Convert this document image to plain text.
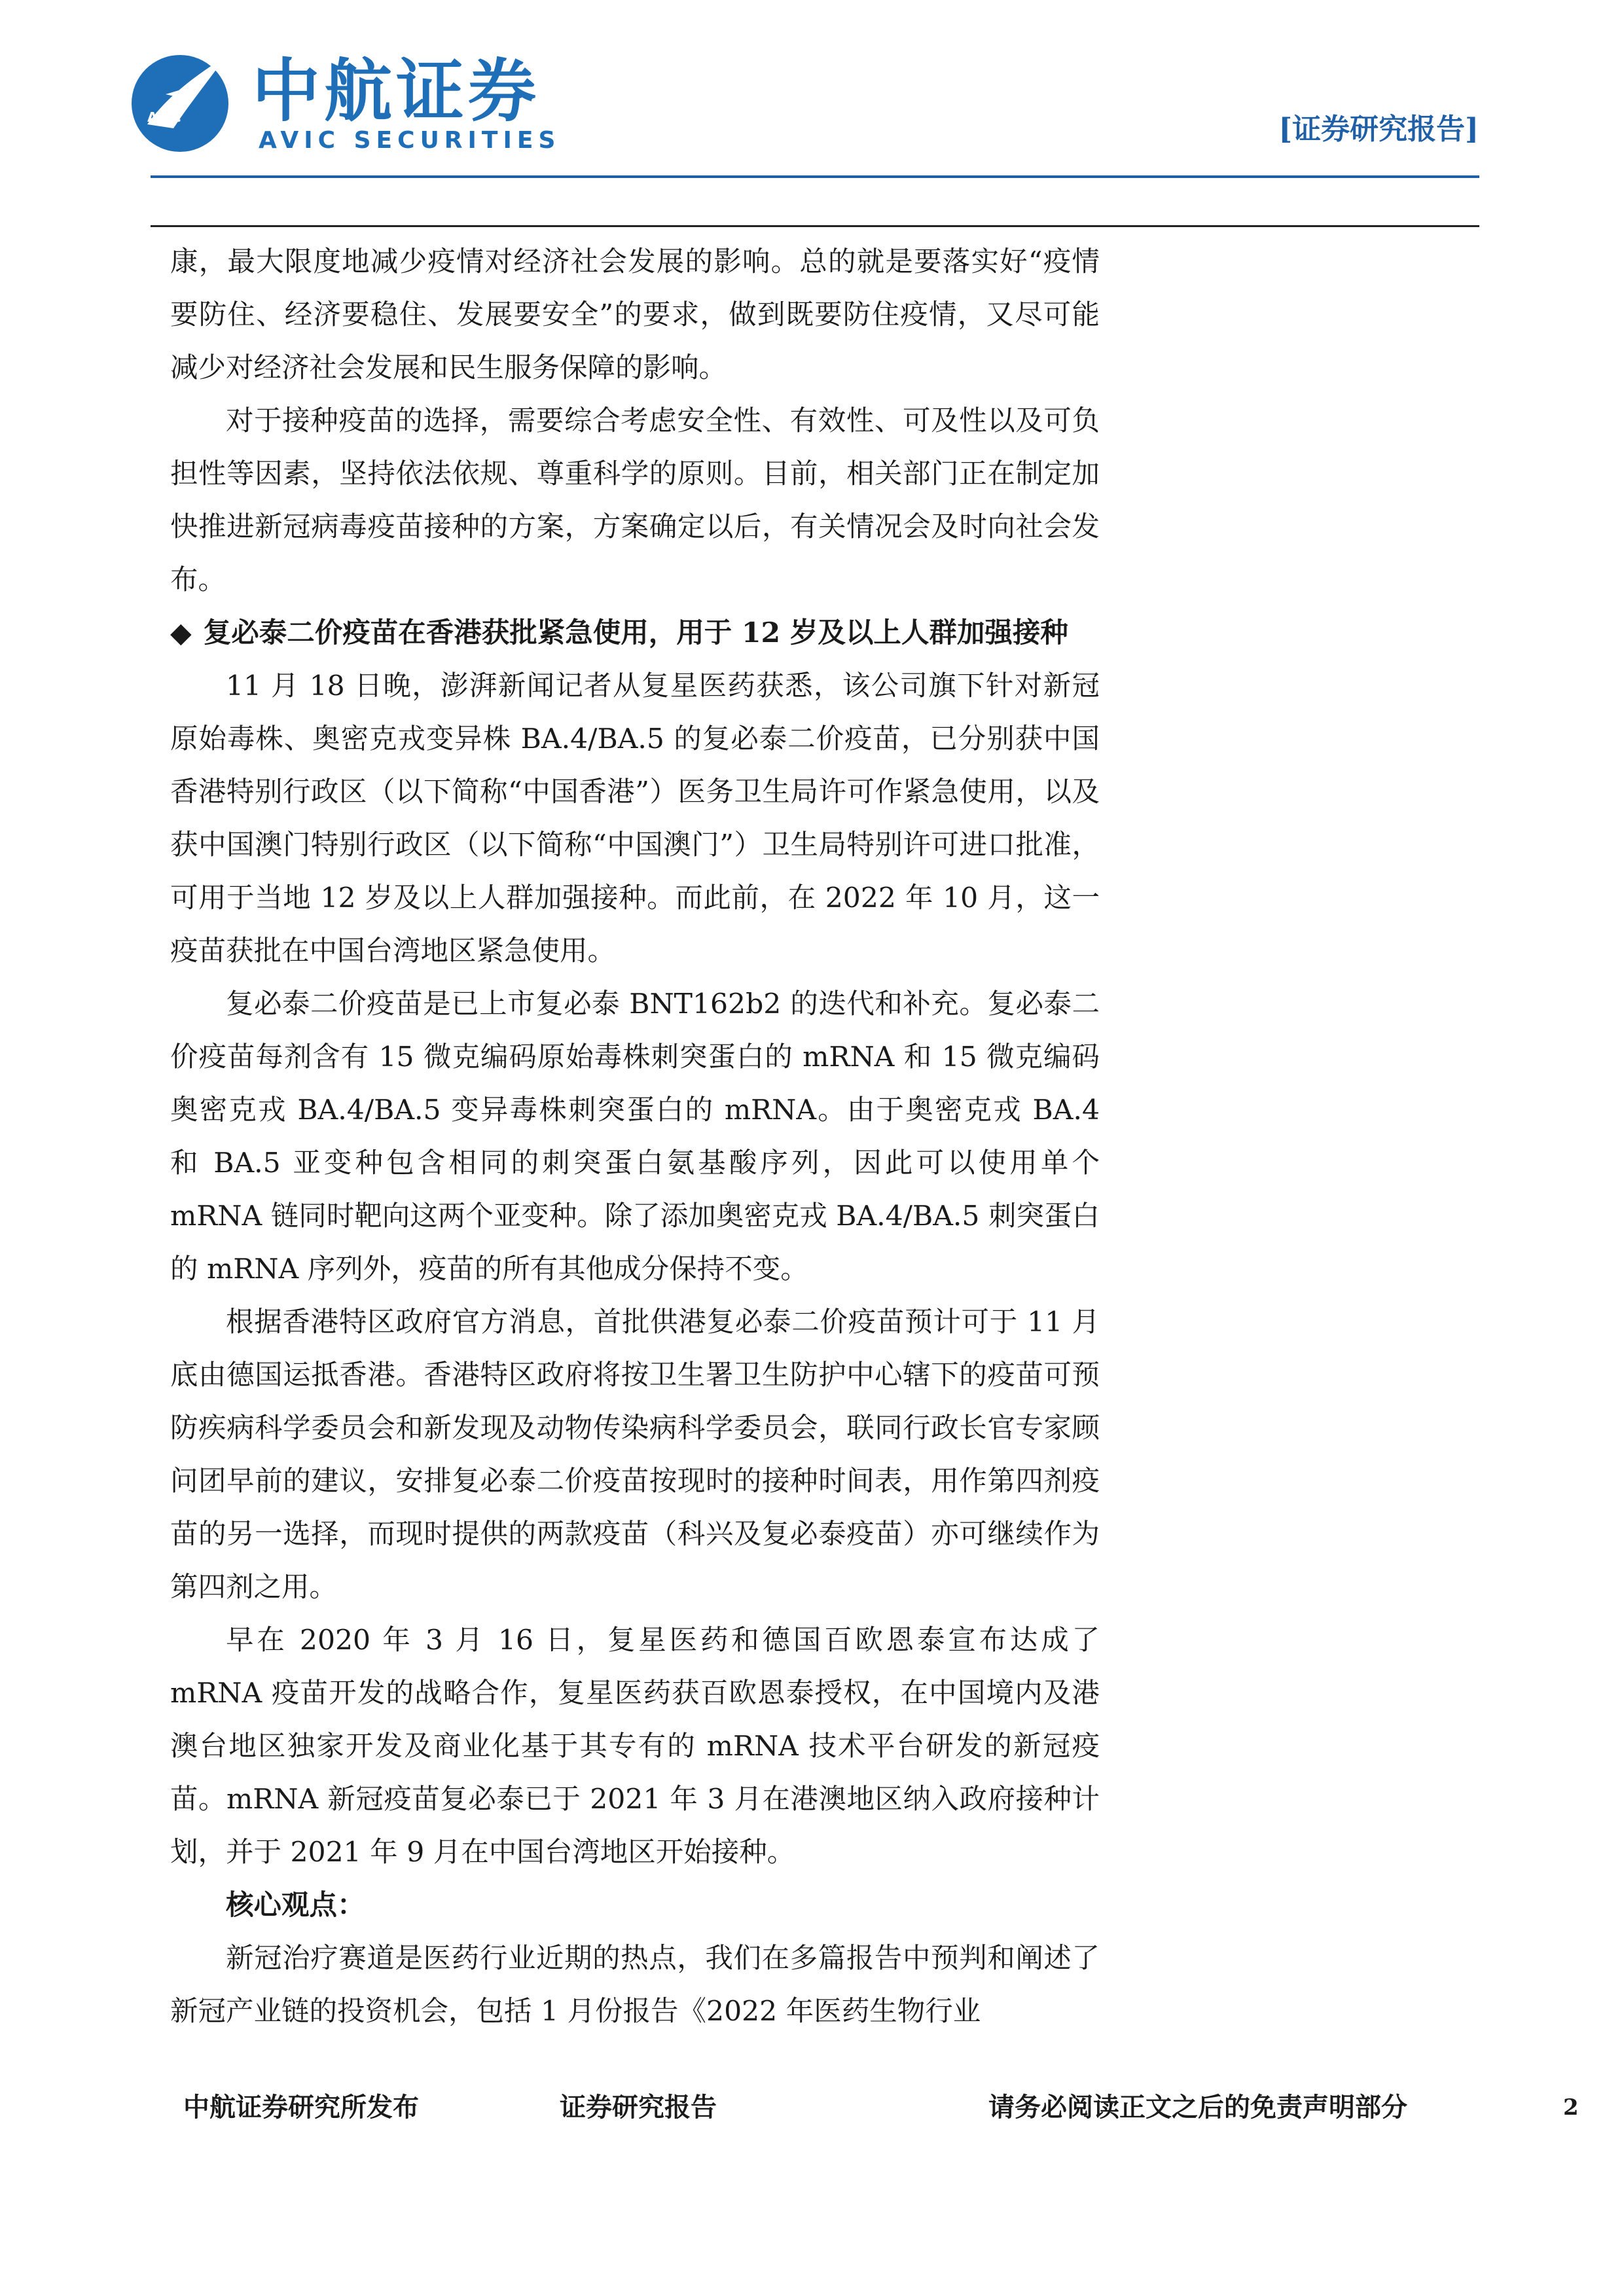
AVIC 中航证券
AVIC SECURITIES	[证券研究报告]

康，最大限度地减少疫情对经济社会发展的影响。总的就是要落实好“疫情要防住、经济要稳住、发展要安全”的要求，做到既要防住疫情，又尽可能减少对经济社会发展和民生服务保障的影响。

对于接种疫苗的选择，需要综合考虑安全性、有效性、可及性以及可负担性等因素，坚持依法依规、尊重科学的原则。目前，相关部门正在制定加快推进新冠病毒疫苗接种的方案，方案确定以后，有关情况会及时向社会发布。

◆ 复必泰二价疫苗在香港获批紧急使用，用于 12 岁及以上人群加强接种

11 月 18 日晚，澎湃新闻记者从复星医药获悉，该公司旗下针对新冠原始毒株、奥密克戎变异株 BA.4/BA.5 的复必泰二价疫苗，已分别获中国香港特别行政区（以下简称“中国香港”）医务卫生局许可作紧急使用，以及获中国澳门特别行政区（以下简称“中国澳门”）卫生局特别许可进口批准，可用于当地 12 岁及以上人群加强接种。而此前，在 2022 年 10 月，这一疫苗获批在中国台湾地区紧急使用。

复必泰二价疫苗是已上市复必泰 BNT162b2 的迭代和补充。复必泰二价疫苗每剂含有 15 微克编码原始毒株刺突蛋白的 mRNA 和 15 微克编码奥密克戎 BA.4/BA.5 变异毒株刺突蛋白的 mRNA。由于奥密克戎 BA.4 和 BA.5 亚变种包含相同的刺突蛋白氨基酸序列，因此可以使用单个 mRNA 链同时靶向这两个亚变种。除了添加奥密克戎 BA.4/BA.5 刺突蛋白的 mRNA 序列外，疫苗的所有其他成分保持不变。

根据香港特区政府官方消息，首批供港复必泰二价疫苗预计可于 11 月底由德国运抵香港。香港特区政府将按卫生署卫生防护中心辖下的疫苗可预防疾病科学委员会和新发现及动物传染病科学委员会，联同行政长官专家顾问团早前的建议，安排复必泰二价疫苗按现时的接种时间表，用作第四剂疫苗的另一选择，而现时提供的两款疫苗（科兴及复必泰疫苗）亦可继续作为第四剂之用。

早在 2020 年 3 月 16 日，复星医药和德国百欧恩泰宣布达成了 mRNA 疫苗开发的战略合作，复星医药获百欧恩泰授权，在中国境内及港澳台地区独家开发及商业化基于其专有的 mRNA 技术平台研发的新冠疫苗。mRNA 新冠疫苗复必泰已于 2021 年 3 月在港澳地区纳入政府接种计划，并于 2021 年 9 月在中国台湾地区开始接种。

核心观点：

新冠治疗赛道是医药行业近期的热点，我们在多篇报告中预判和阐述了新冠产业链的投资机会，包括 1 月份报告《2022 年医药生物行业

中航证券研究所发布	证券研究报告	请务必阅读正文之后的免责声明部分	2
